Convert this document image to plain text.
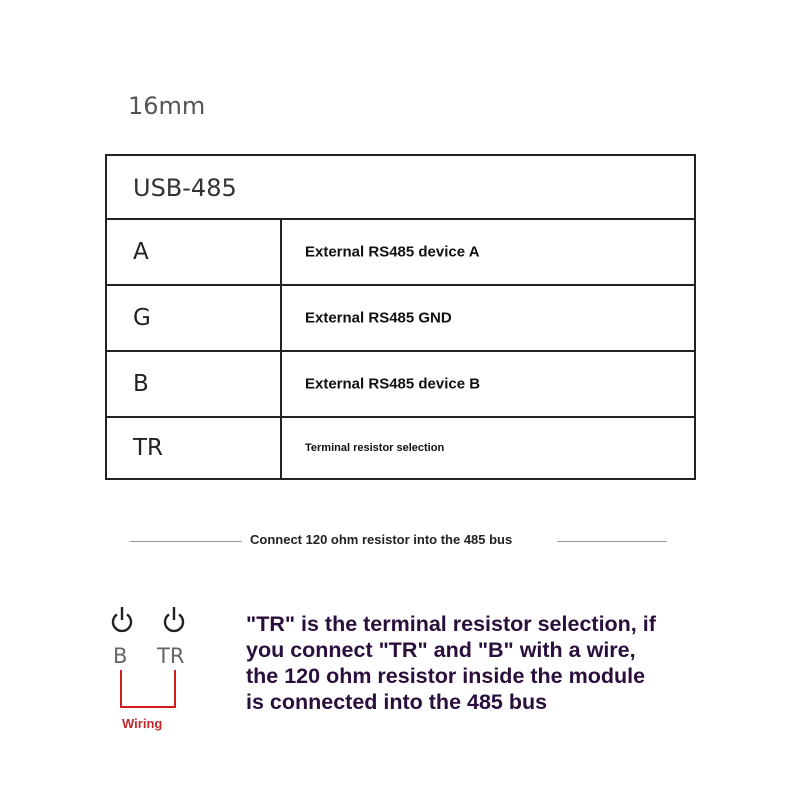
16mm
USB-485
A	External RS485 device A
G	External RS485 GND
B	External RS485 device B
TR	Terminal resistor selection
Connect 120 ohm resistor into the 485 bus
B TR
Wiring
"TR" is the terminal resistor selection, if
you connect "TR" and "B" with a wire,
the 120 ohm resistor inside the module
is connected into the 485 bus
